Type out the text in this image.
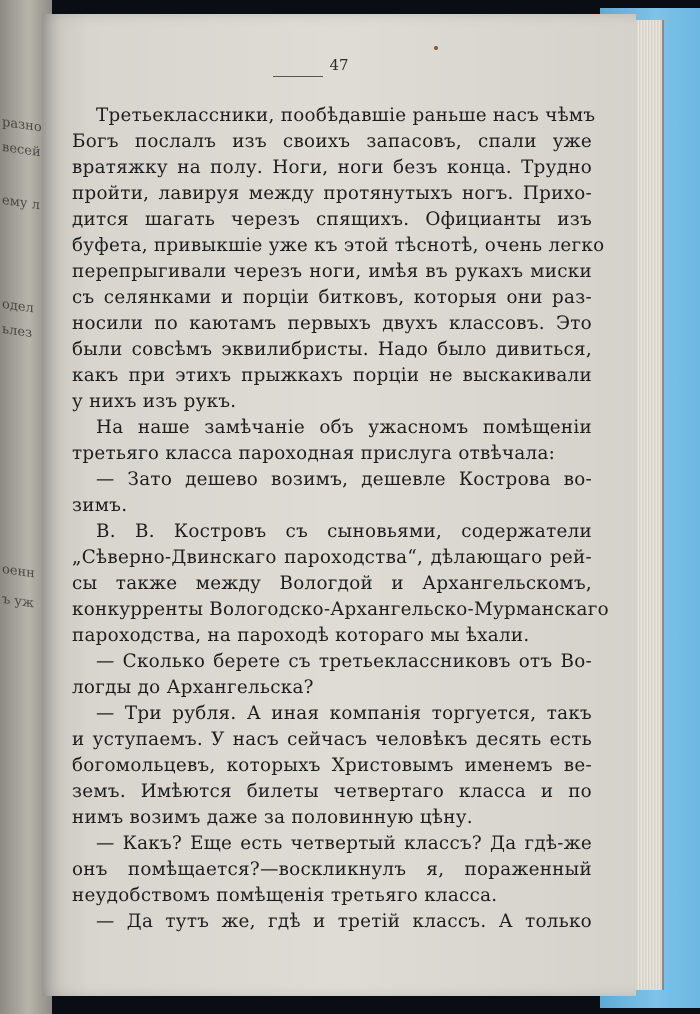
разно
весей
ему л
одел
ьлез
оенн
ъ уж
47
Третьеклассники, пообѣдавшiе раньше насъ чѣмъ
Богъ послалъ изъ своихъ запасовъ, спали уже
вратяжку на полу. Ноги, ноги безъ конца. Трудно
пройти, лавируя между протянутыхъ ногъ. Прихо-
дится шагать черезъ спящихъ. Официанты изъ
буфета, привыкшiе уже къ этой тѣснотѣ, очень легко
перепрыгивали черезъ ноги, имѣя въ рукахъ миски
съ селянками и порцiи битковъ, которыя они раз-
носили по каютамъ первыхъ двухъ классовъ. Это
были совсѣмъ эквилибристы. Надо было дивиться,
какъ при этихъ прыжкахъ порцiи не выскакивали
у нихъ изъ рукъ.
На наше замѣчанiе объ ужасномъ помѣщенiи
третьяго класса пароходная прислуга отвѣчала:
— Зато дешево возимъ, дешевле Кострова во-
зимъ.
В. В. Костровъ съ сыновьями, содержатели
„Сѣверно-Двинскаго пароходства“, дѣлающаго рей-
сы также между Вологдой и Архангельскомъ,
конкурренты Вологодско-Архангельско-Мурманскаго
пароходства, на пароходѣ котораго мы ѣхали.
— Сколько берете съ третьеклассниковъ отъ Во-
логды до Архангельска?
— Три рубля. А иная компанiя торгуется, такъ
и уступаемъ. У насъ сейчасъ человѣкъ десять есть
богомольцевъ, которыхъ Христовымъ именемъ ве-
земъ. Имѣются билеты четвертаго класса и по
нимъ возимъ даже за половинную цѣну.
— Какъ? Еще есть четвертый классъ? Да гдѣ-же
онъ помѣщается?—воскликнулъ я, пораженный
неудобствомъ помѣщенiя третьяго класса.
— Да тутъ же, гдѣ и третiй классъ. А только
